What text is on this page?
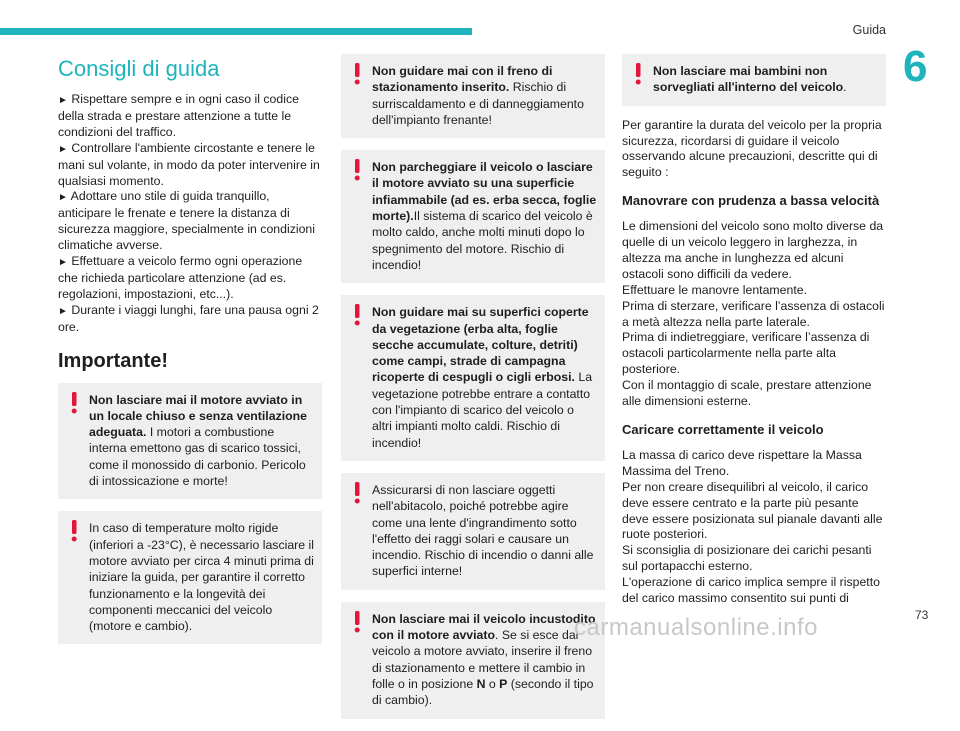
Guida
6
Consigli di guida

► Rispettare sempre e in ogni caso il codice della strada e prestare attenzione a tutte le condizioni del traffico.

► Controllare l'ambiente circostante e tenere le mani sul volante, in modo da poter intervenire in qualsiasi momento.

► Adottare uno stile di guida tranquillo, anticipare le frenate e tenere la distanza di sicurezza maggiore, specialmente in condizioni climatiche avverse.

► Effettuare a veicolo fermo ogni operazione che richieda particolare attenzione (ad es. regolazioni, impostazioni, etc...).

► Durante i viaggi lunghi, fare una pausa ogni 2 ore.

Importante!
Non lasciare mai il motore avviato in un locale chiuso e senza ventilazione adeguata. I motori a combustione interna emettono gas di scarico tossici, come il monossido di carbonio. Pericolo di intossicazione e morte!
In caso di temperature molto rigide (inferiori a -23°C), è necessario lasciare il motore avviato per circa 4 minuti prima di iniziare la guida, per garantire il corretto funzionamento e la longevità dei componenti meccanici del veicolo (motore e cambio).
Non guidare mai con il freno di stazionamento inserito. Rischio di surriscaldamento e di danneggiamento dell'impianto frenante!
Non parcheggiare il veicolo o lasciare il motore avviato su una superficie infiammabile (ad es. erba secca, foglie morte).Il sistema di scarico del veicolo è molto caldo, anche molti minuti dopo lo spegnimento del motore. Rischio di incendio!
Non guidare mai su superfici coperte da vegetazione (erba alta, foglie secche accumulate, colture, detriti) come campi, strade di campagna ricoperte di cespugli o cigli erbosi. La vegetazione potrebbe entrare a contatto con l'impianto di scarico del veicolo o altri impianti molto caldi. Rischio di incendio!
Assicurarsi di non lasciare oggetti nell'abitacolo, poiché potrebbe agire come una lente d'ingrandimento sotto l'effetto dei raggi solari e causare un incendio. Rischio di incendio o danni alle superfici interne!
Non lasciare mai il veicolo incustodito con il motore avviato. Se si esce dal veicolo a motore avviato, inserire il freno di stazionamento e mettere il cambio in folle o in posizione N o P (secondo il tipo di cambio).
Non lasciare mai bambini non sorvegliati all'interno del veicolo.

Per garantire la durata del veicolo per la propria sicurezza, ricordarsi di guidare il veicolo osservando alcune precauzioni, descritte qui di seguito :

Manovrare con prudenza a bassa velocità

Le dimensioni del veicolo sono molto diverse da quelle di un veicolo leggero in larghezza, in altezza ma anche in lunghezza ed alcuni ostacoli sono difficili da vedere.

Effettuare le manovre lentamente.

Prima di sterzare, verificare l’assenza di ostacoli a metà altezza nella parte laterale.

Prima di indietreggiare, verificare l’assenza di ostacoli particolarmente nella parte alta posteriore.

Con il montaggio di scale, prestare attenzione alle dimensioni esterne.

Caricare correttamente il veicolo

La massa di carico deve rispettare la Massa Massima del Treno.

Per non creare disequilibri al veicolo, il carico deve essere centrato e la parte più pesante deve essere posizionata sul pianale davanti alle ruote posteriori.

Si sconsiglia di posizionare dei carichi pesanti sul portapacchi esterno.

L'operazione di carico implica sempre il rispetto del carico massimo consentito sui punti di

carmanualsonline.info	73
